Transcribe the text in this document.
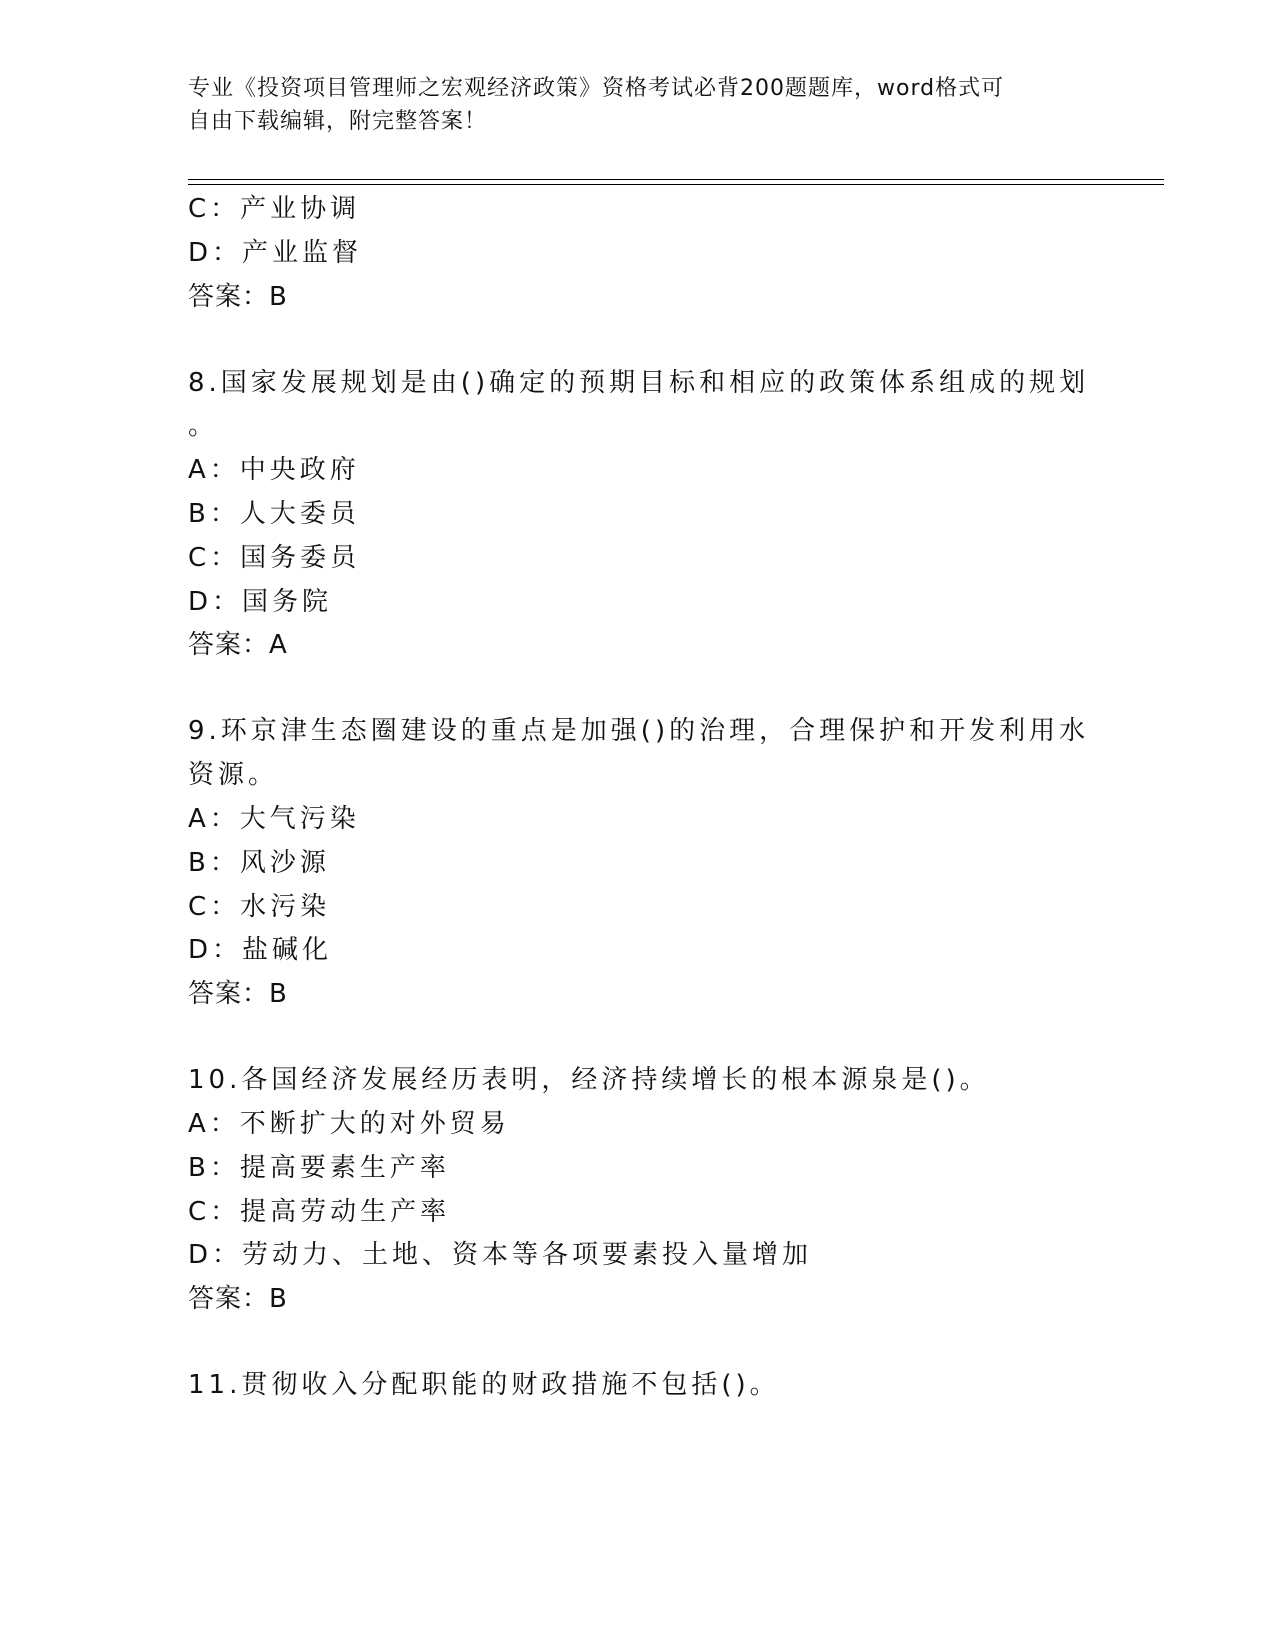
专业《投资项目管理师之宏观经济政策》资格考试必背200题题库，word格式可
自由下载编辑，附完整答案！
C：产业协调
D：产业监督
答案：B
8.国家发展规划是由()确定的预期目标和相应的政策体系组成的规划
。
A：中央政府
B：人大委员
C：国务委员
D：国务院
答案：A
9.环京津生态圈建设的重点是加强()的治理，合理保护和开发利用水
资源。
A：大气污染
B：风沙源
C：水污染
D：盐碱化
答案：B
10.各国经济发展经历表明，经济持续增长的根本源泉是()。
A：不断扩大的对外贸易
B：提高要素生产率
C：提高劳动生产率
D：劳动力、土地、资本等各项要素投入量增加
答案：B
11.贯彻收入分配职能的财政措施不包括()。
